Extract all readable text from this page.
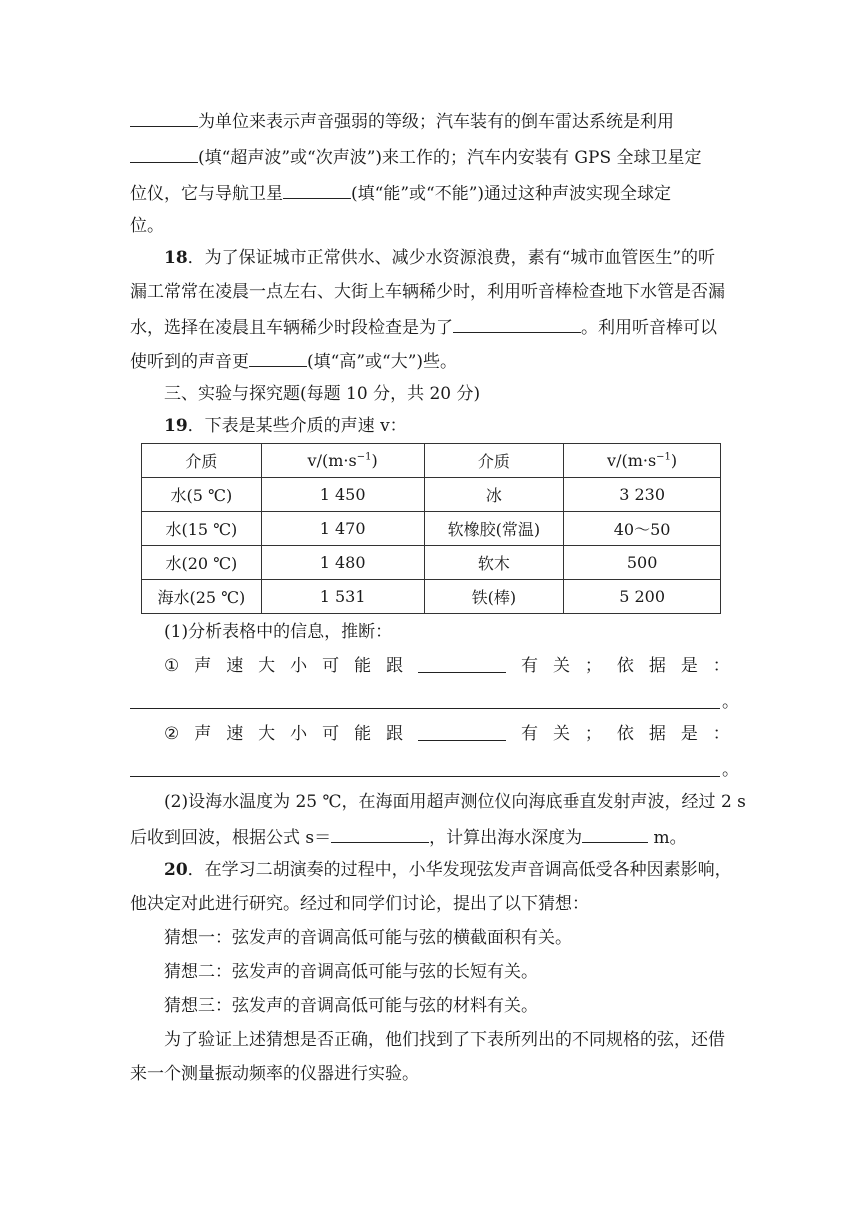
为单位来表示声音强弱的等级；汽车装有的倒车雷达系统是利用
(填“超声波”或“次声波”)来工作的；汽车内安装有 GPS 全球卫星定
位仪，它与导航卫星	(填“能”或“不能”)通过这种声波实现全球定
位。
18．为了保证城市正常供水、减少水资源浪费，素有“城市血管医生”的听
漏工常常在凌晨一点左右、大街上车辆稀少时，利用听音棒检查地下水管是否漏
水，选择在凌晨且车辆稀少时段检查是为了	。利用听音棒可以
使听到的声音更	(填“高”或“大”)些。
三、实验与探究题(每题 10 分，共 20 分)
19．下表是某些介质的声速 v：
介质	$v/(m\cdot s^{-1})$	介质	$v/(m\cdot s^{-1})$
水(5 ℃)	1 450	冰	3 230
水(15 ℃)	1 470	软橡胶(常温)	40～50
水(20 ℃)	1 480	软木	500
海水(25 ℃)	1 531	铁(棒)	5 200
(1)分析表格中的信息，推断：
① 声 速 大 小 可 能 跟	有 关 ； 依 据 是 ：
。
② 声 速 大 小 可 能 跟	有 关 ； 依 据 是 ：
。
(2)设海水温度为 25 ℃，在海面用超声测位仪向海底垂直发射声波，经过 2 s
后收到回波，根据公式 s＝	，计算出海水深度为	m。
20．在学习二胡演奏的过程中，小华发现弦发声音调高低受各种因素影响，
他决定对此进行研究。经过和同学们讨论，提出了以下猜想：
猜想一：弦发声的音调高低可能与弦的横截面积有关。
猜想二：弦发声的音调高低可能与弦的长短有关。
猜想三：弦发声的音调高低可能与弦的材料有关。
为了验证上述猜想是否正确，他们找到了下表所列出的不同规格的弦，还借
来一个测量振动频率的仪器进行实验。
